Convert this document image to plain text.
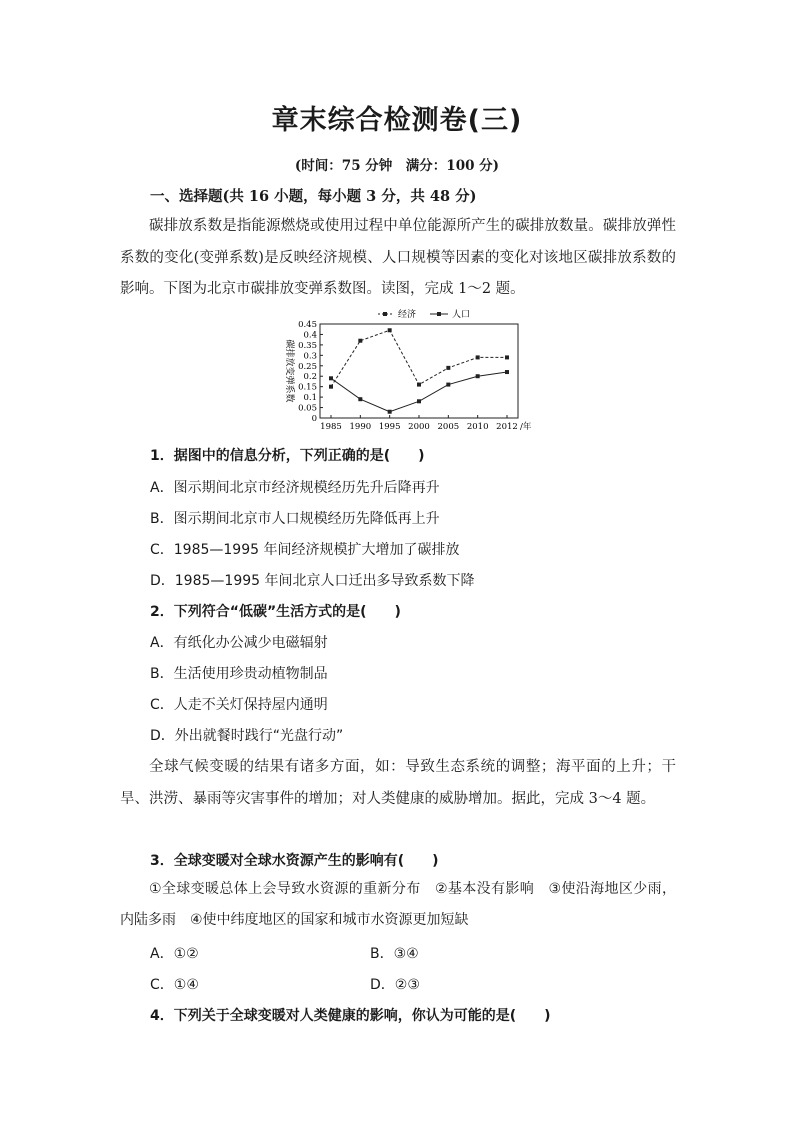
章末综合检测卷(三)
(时间：75 分钟　满分：100 分)
一、选择题(共 16 小题，每小题 3 分，共 48 分)

碳排放系数是指能源燃烧或使用过程中单位能源所产生的碳排放数量。碳排放弹性系数的变化(变弹系数)是反映经济规模、人口规模等因素的变化对该地区碳排放系数的影响。下图为北京市碳排放变弹系数图。读图，完成 1～2 题。

经济	人口
碳排放变弹系数
0
0.05
0.1
0.15
0.2
0.25
0.3
0.35
0.4
0.45
1985 1990 1995 2000 2005 2010 2012 /年
1．据图中的信息分析，下列正确的是(　　)
A．图示期间北京市经济规模经历先升后降再升
B．图示期间北京市人口规模经历先降低再上升
C．1985—1995 年间经济规模扩大增加了碳排放
D．1985—1995 年间北京人口迁出多导致系数下降
2．下列符合“低碳”生活方式的是(　　)
A．有纸化办公减少电磁辐射
B．生活使用珍贵动植物制品
C．人走不关灯保持屋内通明
D．外出就餐时践行“光盘行动”

全球气候变暖的结果有诸多方面，如：导致生态系统的调整；海平面的上升；干旱、洪涝、暴雨等灾害事件的增加；对人类健康的威胁增加。据此，完成 3～4 题。

3．全球变暖对全球水资源产生的影响有(　　)

①全球变暖总体上会导致水资源的重新分布　②基本没有影响　③使沿海地区少雨，内陆多雨　④使中纬度地区的国家和城市水资源更加短缺

A．①②	B．③④
C．①④	D．②③
4．下列关于全球变暖对人类健康的影响，你认为可能的是(　　)
